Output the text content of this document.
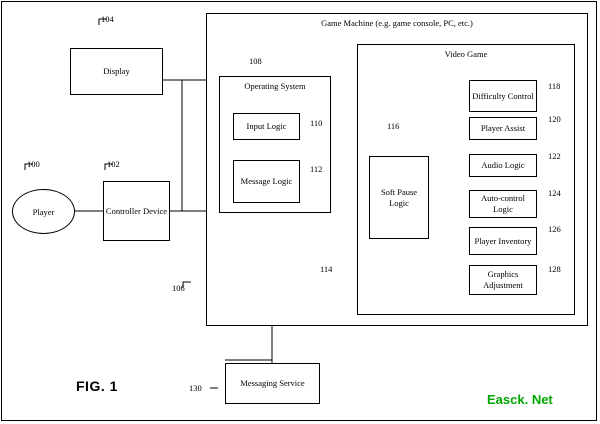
Game Machine (e.g. game console, PC, etc.)
106
Display
104
Player
100
Controller Device
102
Operating System
108
Input Logic	110
Message Logic
112
Video Game
114
Soft Pause Logic
116
Difficulty Control
118
Player Assist
120
Audio Logic
122
Auto-control Logic
124
Player Inventory
126
Graphics Adjustment
128
Messaging Service
130
FIG. 1
Easck. Net
